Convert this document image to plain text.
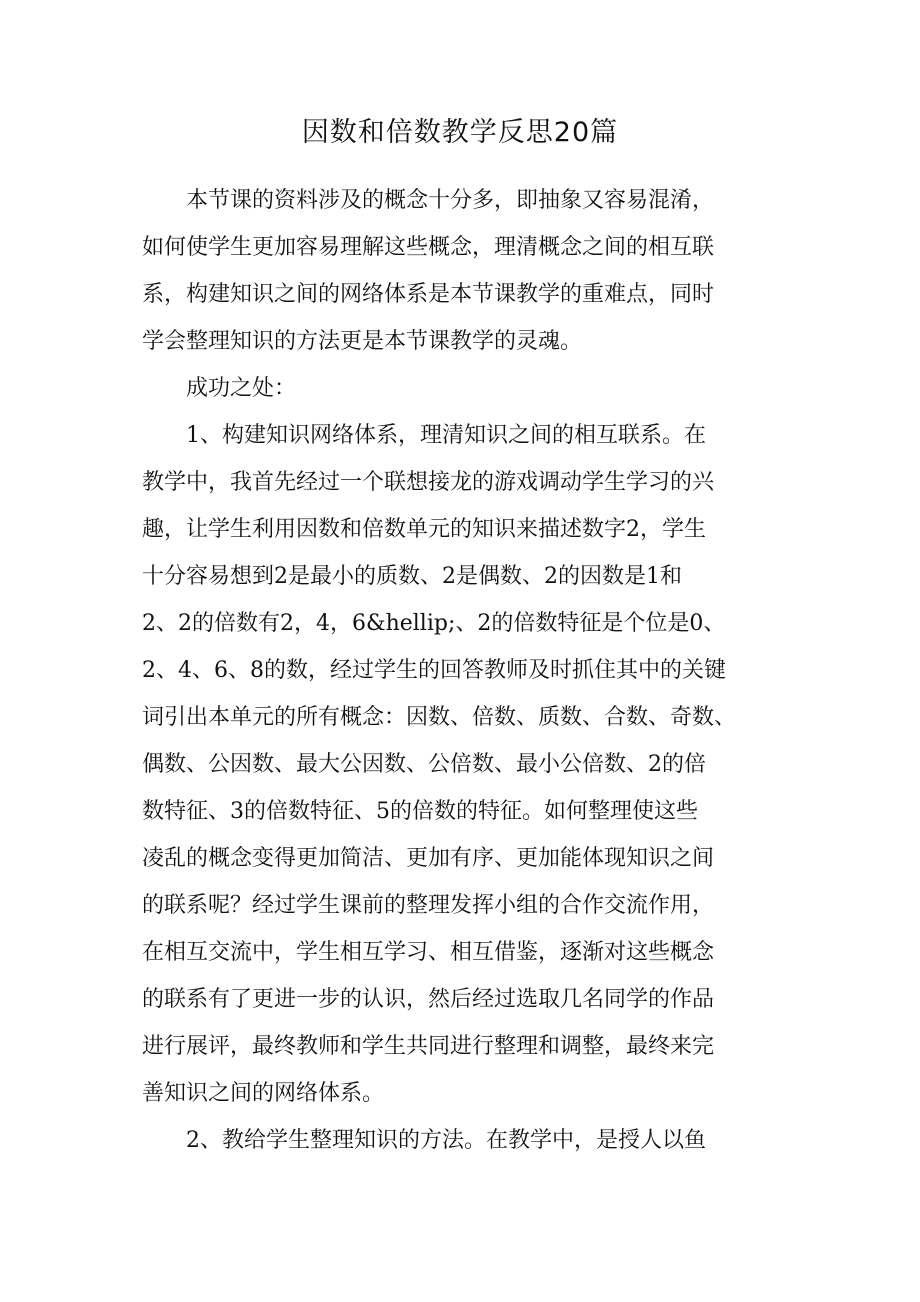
因数和倍数教学反思20篇

本节课的资料涉及的概念十分多，即抽象又容易混淆，
如何使学生更加容易理解这些概念，理清概念之间的相互联
系，构建知识之间的网络体系是本节课教学的重难点，同时
学会整理知识的方法更是本节课教学的灵魂。

成功之处：

1、构建知识网络体系，理清知识之间的相互联系。在
教学中，我首先经过一个联想接龙的游戏调动学生学习的兴
趣，让学生利用因数和倍数单元的知识来描述数字2，学生
十分容易想到2是最小的质数、2是偶数、2的因数是1和
2、2的倍数有2，4，6&hellip;、2的倍数特征是个位是0、
2、4、6、8的数，经过学生的回答教师及时抓住其中的关键
词引出本单元的所有概念：因数、倍数、质数、合数、奇数、
偶数、公因数、最大公因数、公倍数、最小公倍数、2的倍
数特征、3的倍数特征、5的倍数的特征。如何整理使这些
凌乱的概念变得更加简洁、更加有序、更加能体现知识之间
的联系呢？经过学生课前的整理发挥小组的合作交流作用，
在相互交流中，学生相互学习、相互借鉴，逐渐对这些概念
的联系有了更进一步的认识，然后经过选取几名同学的作品
进行展评，最终教师和学生共同进行整理和调整，最终来完
善知识之间的网络体系。

2、教给学生整理知识的方法。在教学中，是授人以鱼
